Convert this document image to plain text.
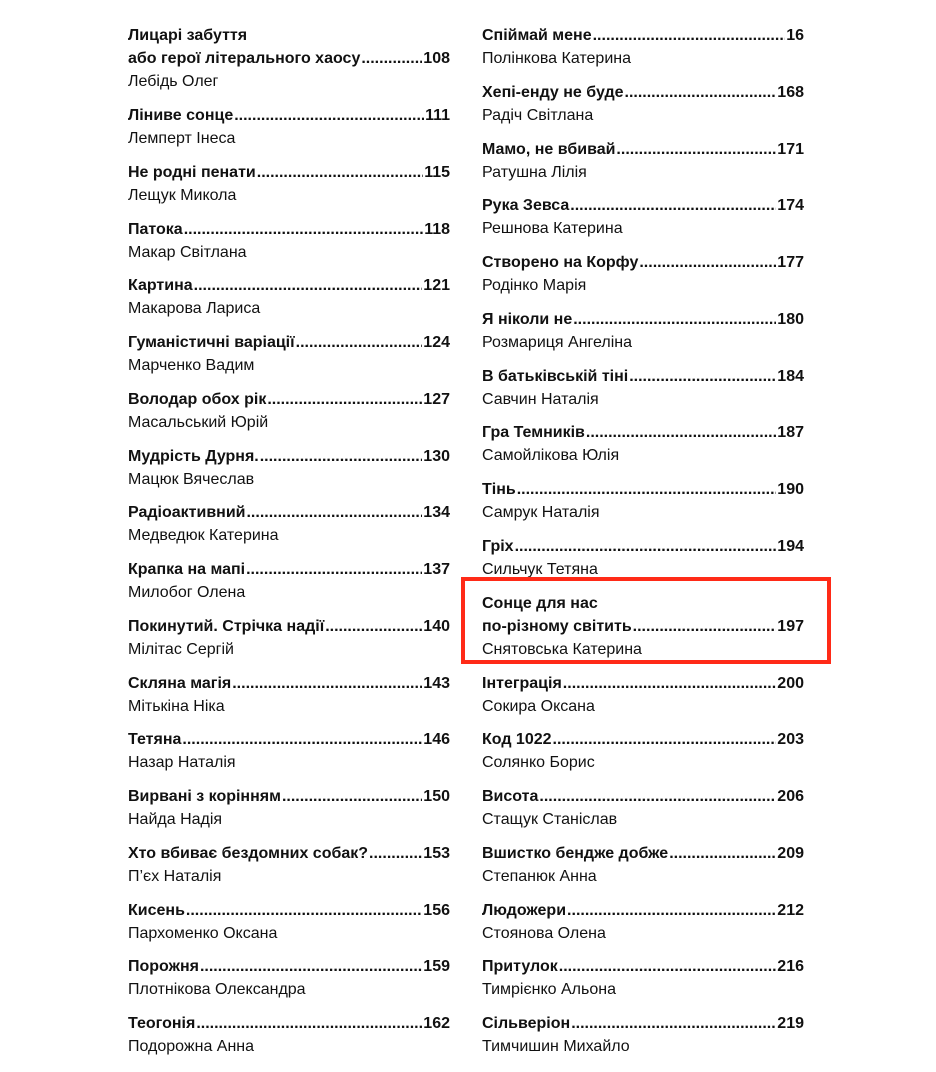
Лицарі забуття
або герої літерального хаосу .....	108
Лебідь Олег
Ліниве сонце .....	111
Лемперт Інеса
Не родні пенати .....	115
Лещук Микола
Патока .....	118
Макар Світлана
Картина .....	121
Макарова Лариса
Гуманістичні варіації .....	124
Марченко Вадим
Володар обох рік .....	127
Масальський Юрій
Мудрість Дурня. .....	130
Мацюк Вячеслав
Радіоактивний .....	134
Медведюк Катерина
Крапка на мапі .....	137
Милобог Олена
Покинутий. Стрічка надії .....	140
Мілітас Сергій
Скляна магія .....	143
Мітькіна Ніка
Тетяна .....	146
Назар Наталія
Вирвані з корінням .....	150
Найда Надія
Хто вбиває бездомних собак? .....	153
П’єх Наталія
Кисень .....	156
Пархоменко Оксана
Порожня .....	159
Плотнікова Олександра
Теогонія .....	162
Подорожна Анна
Спіймай мене .....	16
Полінкова Катерина
Хепі-енду не буде .....	168
Радіч Світлана
Мамо, не вбивай .....	171
Ратушна Лілія
Рука Зевса .....	174
Решнова Катерина
Створено на Корфу .....	177
Родінко Марія
Я ніколи не .....	180
Розмариця Ангеліна
В батьківській тіні .....	184
Савчин Наталія
Гра Темників .....	187
Самойлікова Юлія
Тінь .....	190
Самрук Наталія
Гріх .....	194
Сильчук Тетяна
Сонце для нас
по-різному світить .....	197
Снятовська Катерина
Інтеграція .....	200
Сокира Оксана
Код 1022 .....	203
Солянко Борис
Висота .....	206
Стащук Станіслав
Вшистко бендже добже .....	209
Степанюк Анна
Людожери .....	212
Стоянова Олена
Притулок .....	216
Тимрієнко Альона
Сільверіон .....	219
Тимчишин Михайло
